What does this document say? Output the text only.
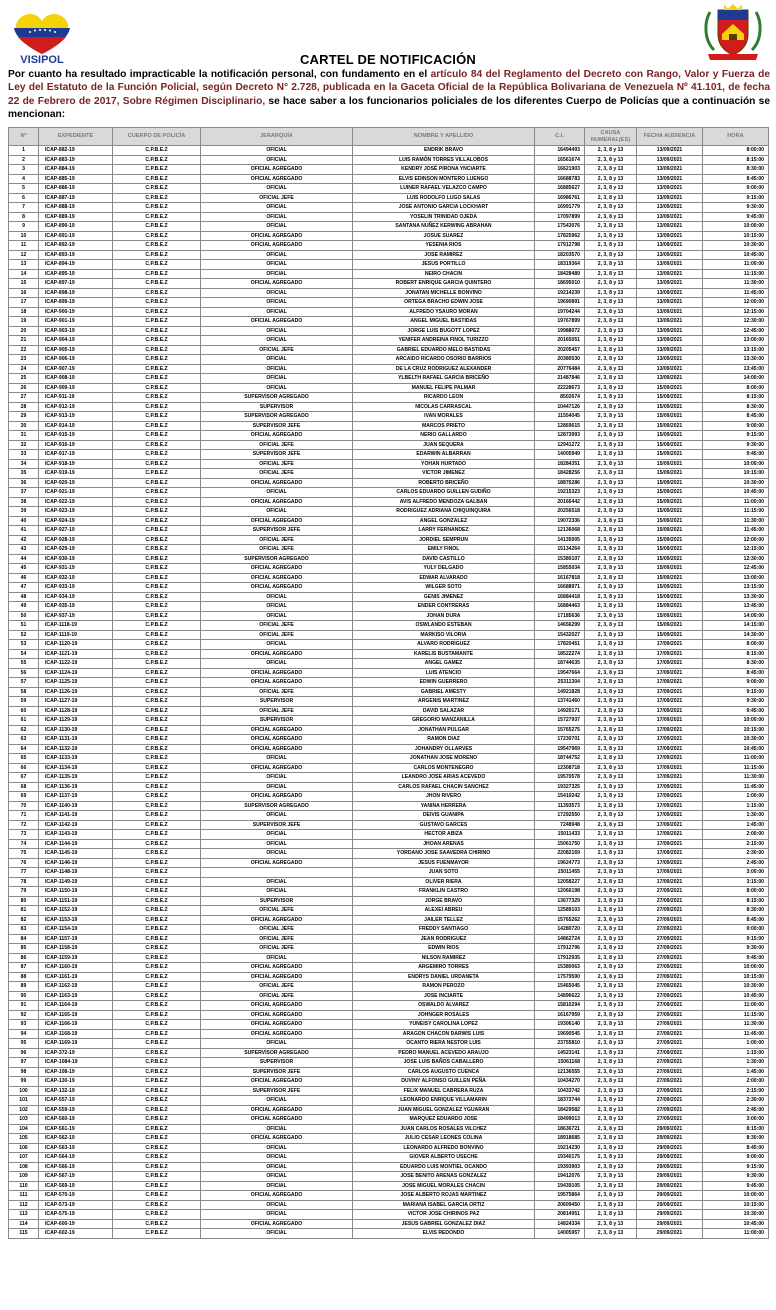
VISIPOL	CARTEL DE NOTIFICACIÓN
Por cuanto ha resultado impracticable la notificación personal, con fundamento en el artículo 84 del Reglamento del Decreto con Rango, Valor y Fuerza de Ley del Estatuto de la Función Policial, según Decreto N° 2.728, publicada en la Gaceta Oficial de la República Bolivariana de Venezuela Nº 41.101, de fecha 22 de Febrero de 2017, Sobre Régimen Disciplinario, se hace saber a los funcionarios policiales de los diferentes Cuerpo de Policías que a continuación se mencionan:
Nº	EXPEDIENTE	CUERPO DE POLICÍA	JERARQUÍA	NOMBRE Y APELLIDO	C.I.	CAUSA NUMERAL(ES)	FECHA AUDIENCIA	HORA
1	ICAP-882-19	C.P.B.E.Z	OFICIAL	ENDRIK BRAVO	16494493	2, 3, 8 y 13	13/09/2021	8:00:00
2	ICAP-883-19	C.P.B.E.Z	OFICIAL	LUIS RAMÓN TORRES VILLALOBOS	16561674	2, 3, 8 y 13	13/09/2021	8:15:00
3	ICAP-884-19	C.P.B.E.Z	OFICIAL AGREGADO	KENDRY JOSÉ PIRONA YNCIARTE	16621903	2, 3, 8 y 13	13/09/2021	8:30:00
4	ICAP-885-19	C.P.B.E.Z	OFICIAL AGREGADO	ELVIS EDINSON MONTERO LUENGO	16688783	2, 3, 8 y 13	13/09/2021	8:45:00
5	ICAP-886-19	C.P.B.E.Z	OFICIAL	LUINER RAFAEL VELAZCO CAMPO	16885627	2, 3, 8 y 13	13/09/2021	9:00:00
6	ICAP-887-19	C.P.B.E.Z	OFICIAL JEFE	LUIS RODOLFO LUGO SALAS	16986761	2, 3, 8 y 13	13/09/2021	9:15:00
7	ICAP-888-19	C.P.B.E.Z	OFICIAL	JOSE ANTONIO GARCIA LOCKHART	16991779	2, 3, 8 y 13	13/09/2021	9:30:00
8	ICAP-889-19	C.P.B.E.Z	OFICIAL	YOSELIN TRINIDAD OJEDA	17097899	2, 3, 8 y 13	13/09/2021	9:45:00
9	ICAP-890-19	C.P.B.E.Z	OFICIAL	SANTANA NUÑEZ KERWING ABRAHAN	17543076	2, 3, 8 y 13	13/09/2021	10:00:00
10	ICAP-891-19	C.P.B.E.Z	OFICIAL AGREGADO	JOSUE SUAREZ	17825962	2, 3, 8 y 13	13/09/2021	10:15:00
11	ICAP-892-19	C.P.B.E.Z	OFICIAL AGREGADO	YESENIA RIOS	17912798	2, 3, 8 y 13	13/09/2021	10:30:00
12	ICAP-893-19	C.P.B.E.Z	OFICIAL	JOSE RAMIREZ	18203570	2, 3, 8 y 13	13/09/2021	10:45:00
13	ICAP-894-19	C.P.B.E.Z	OFICIAL	JESUS PORTILLO	18319364	2, 3, 8 y 13	13/09/2021	11:00:00
14	ICAP-895-19	C.P.B.E.Z	OFICIAL	NEIRO CHACIN	18428489	2, 3, 8 y 13	13/09/2021	11:15:00
15	ICAP-897-19	C.P.B.E.Z	OFICIAL AGREGADO	ROBERT ENRIQUE GARCIA QUINTERO	18695010	2, 3, 8 y 13	13/09/2021	11:30:00
16	ICAP-898-19	C.P.B.E.Z	OFICIAL	JONATAN MICHELLE BONVINO	19214239	2, 3, 8 y 13	13/09/2021	11:45:00
17	ICAP-899-19	C.P.B.E.Z	OFICIAL	ORTEGA BRACHO EDWIN JOSE	19690891	2, 3, 8 y 13	13/09/2021	12:00:00
18	ICAP-900-19	C.P.B.E.Z	OFICIAL	ALFREDO YSAURO MORAN	19704244	2, 3, 8 y 13	13/09/2021	12:15:00
19	ICAP-901-19	C.P.B.E.Z	OFICIAL AGREGADO	ANGEL MIGUEL BASTIDAS	19767899	2, 3, 8 y 13	13/09/2021	12:30:00
20	ICAP-903-19	C.P.B.E.Z	OFICIAL	JORGE LUIS BUGOTT LOPEZ	19988072	2, 3, 8 y 13	13/09/2021	12:45:00
21	ICAP-904-19	C.P.B.E.Z	OFICIAL	YENIFER ANDREINA FINOL TURIZZO	20165051	2, 3, 8 y 13	13/09/2021	13:00:00
22	ICAP-905-19	C.P.B.E.Z	OFICIAL JEFE	GABRIEL EDUARDO MELO BASTIDAS	20205457	2, 3, 8 y 13	13/09/2021	13:15:00
23	ICAP-906-19	C.P.B.E.Z	OFICIAL	ARCAIDO RICARDO OSORIO BARRIOS	20380530	2, 3, 8 y 13	13/09/2021	13:30:00
24	ICAP-907-19	C.P.B.E.Z	OFICIAL	DE LA CRUZ RODRIGUEZ ALEXANDER	20776484	2, 3, 8 y 13	13/09/2021	13:45:00
25	ICAP-908-19	C.P.B.E.Z	OFICIAL	YLBELTH RAFAEL GARCIA BRICEÑO	21487846	2, 3, 8 y 13	13/09/2021	14:00:00
26	ICAP-909-19	C.P.B.E.Z	OFICIAL	MANUEL FELIPE PALMAR	22228673	2, 3, 8 y 13	15/09/2021	8:00:00
27	ICAP-911-19	C.P.B.E.Z	SUPERVISOR AGREGADO	RICARDO LEON	8502674	2, 3, 8 y 13	15/09/2021	8:15:00
28	ICAP-912-19	C.P.B.E.Z	SUPERVISOR	NICOLAS CARRASCAL	10447126	2, 3, 8 y 13	15/09/2021	8:30:00
29	ICAP-913-19	C.P.B.E.Z	SUPERVISOR AGREGADO	IVAN MORALES	11554045	2, 3, 8 y 13	15/09/2021	8:45:00
30	ICAP-914-19	C.P.B.E.Z	SUPERVISOR JEFE	MARCOS PRIETO	12869615	2, 3, 8 y 13	15/09/2021	9:00:00
31	ICAP-915-19	C.P.B.E.Z	OFICIAL AGREGADO	NERIO GALLARDO	12873993	2, 3, 8 y 13	15/09/2021	9:15:00
32	ICAP-916-19	C.P.B.E.Z	OFICIAL JEFE	JUAN SEQUERA	12941272	2, 3, 8 y 13	15/09/2021	9:30:00
33	ICAP-917-19	C.P.B.E.Z	SUPERVISOR JEFE	EDARWIN ALBARRAN	14005949	2, 3, 8 y 13	15/09/2021	9:45:00
34	ICAP-918-19	C.P.B.E.Z	OFICIAL JEFE	YOHAN HURTADO	18284351	2, 3, 8 y 13	15/09/2021	10:00:00
35	ICAP-919-19	C.P.B.E.Z	OFICIAL JEFE	VICTOR JIMENEZ	18428256	2, 3, 8 y 13	15/09/2021	10:15:00
36	ICAP-920-19	C.P.B.E.Z	OFICIAL AGREGADO	ROBERTO BRICEÑO	18876286	2, 3, 8 y 13	15/09/2021	10:30:00
37	ICAP-921-19	C.P.B.E.Z	OFICIAL	CARLOS EDUARDO GUILLEN GUDIÑO	19215323	2, 3, 8 y 13	15/09/2021	10:45:00
38	ICAP-922-19	C.P.B.E.Z	OFICIAL AGREGADO	AVIS ALFREDO MENDOZA GALBAN	20166442	2, 3, 8 y 13	15/09/2021	11:00:00
39	ICAP-923-19	C.P.B.E.Z	OFICIAL	RODRIGUEZ ADRIANA CHIQUINQUIRA	20256518	2, 3, 8 y 13	15/09/2021	11:15:00
40	ICAP-924-19	C.P.B.E.Z	OFICIAL AGREGADO	ANGEL GONZALEZ	19072336	2, 3, 8 y 13	15/09/2021	11:30:00
41	ICAP-927-19	C.P.B.E.Z	SUPERVISOR JEFE	LARRY FERNANDEZ	12136068	2, 3, 8 y 13	15/09/2021	11:45:00
42	ICAP-928-19	C.P.B.E.Z	OFICIAL JEFE	JORDIEL SEMPRUN	14135005	2, 3, 8 y 13	15/09/2021	12:00:00
43	ICAP-929-19	C.P.B.E.Z	OFICIAL JEFE	EMILY FINOL	15134264	2, 3, 8 y 13	15/09/2021	12:15:00
44	ICAP-930-19	C.P.B.E.Z	SUPERVISOR AGREGADO	DAVID CASTILLO	15380107	2, 3, 8 y 13	15/09/2021	12:30:00
45	ICAP-931-19	C.P.B.E.Z	OFICIAL AGREGADO	YULY DELGADO	15855034	2, 3, 8 y 13	15/09/2021	12:45:00
46	ICAP-932-19	C.P.B.E.Z	OFICIAL AGREGADO	EDWAR ALVARADO	16167818	2, 3, 8 y 13	15/09/2021	13:00:00
47	ICAP-933-19	C.P.B.E.Z	OFICIAL AGREGADO	WILGER SOTO	16688971	2, 3, 8 y 13	15/09/2021	13:15:00
48	ICAP-934-19	C.P.B.E.Z	OFICIAL	GENIS JIMENEZ	16884418	2, 3, 8 y 13	15/09/2021	13:30:00
49	ICAP-935-19	C.P.B.E.Z	OFICIAL	ENDER CONTRERAS	16884463	2, 3, 8 y 13	15/09/2021	13:45:00
50	ICAP-937-19	C.P.B.E.Z	OFICIAL	JOHAN DURA	17185636	2, 3, 8 y 13	15/09/2021	14:00:00
51	ICAP-1118-19	C.P.B.E.Z	OFICIAL JEFE	OSWLANDO ESTEBAN	14656299	2, 3, 8 y 13	15/09/2021	14:15:00
52	ICAP-1119-19	C.P.B.E.Z	OFICIAL JEFE	MARKISO VILORIA	15432027	2, 3, 8 y 13	15/09/2021	14:30:00
53	ICAP-1120-19	C.P.B.E.Z	OFICIAL	ALVARO RODRIGUEZ	17820451	2, 3, 8 y 13	17/09/2021	8:00:00
54	ICAP-1121-19	C.P.B.E.Z	OFICIAL AGREGADO	KARELIS BUSTAMANTE	18522274	2, 3, 8 y 13	17/09/2021	8:15:00
55	ICAP-1122-19	C.P.B.E.Z	OFICIAL	ANGEL GAMEZ	18744635	2, 3, 8 y 13	17/09/2021	8:30:00
56	ICAP-1124-19	C.P.B.E.Z	OFICIAL AGREGADO	LUIS ATENCIO	19547664	2, 3, 8 y 13	17/09/2021	8:45:00
57	ICAP-1125-19	C.P.B.E.Z	OFICIAL AGREGADO	EDWIN GUERRERO	25311304	2, 3, 8 y 13	17/09/2021	9:00:00
58	ICAP-1126-19	C.P.B.E.Z	OFICIAL JEFE	GABRIEL AMESTY	14921828	2, 3, 8 y 13	17/09/2021	9:15:00
59	ICAP-1127-19	C.P.B.E.Z	SUPERVISOR	ARGENIS MARTINEZ	13741460	2, 3, 8 y 13	17/09/2021	9:30:00
60	ICAP-1128-19	C.P.B.E.Z	OFICIAL JEFE	DAVID SALAZAR	14920171	2, 3, 8 y 13	17/09/2021	9:45:00
61	ICAP-1129-19	C.P.B.E.Z	SUPERVISOR	GREGORIO MANZANILLA	15727937	2, 3, 8 y 13	17/09/2021	10:00:00
62	ICAP-1130-19	C.P.B.E.Z	OFICIAL AGREGADO	JONATHAN PULGAR	15765275	2, 3, 8 y 13	17/09/2021	10:15:00
63	ICAP-1131-19	C.P.B.E.Z	OFICIAL AGREGADO	RAMON DIAZ	17230701	2, 3, 8 y 13	17/09/2021	10:30:00
64	ICAP-1132-19	C.P.B.E.Z	OFICIAL AGREGADO	JOHANDRY OLLARVES	19547969	2, 3, 8 y 13	17/09/2021	10:45:00
65	ICAP-1133-19	C.P.B.E.Z	OFICIAL	JONATHAN JOSE MORENO	18744752	2, 3, 8 y 13	17/09/2021	11:00:00
66	ICAP-1134-19	C.P.B.E.Z	OFICIAL AGREGADO	CARLOS MONTENEGRO	12308718	2, 3, 8 y 13	17/09/2021	11:15:00
67	ICAP-1135-19	C.P.B.E.Z	OFICIAL	LEANDRO JOSE ARIAS ACEVEDO	19570578	2, 3, 8 y 13	17/09/2021	11:30:00
68	ICAP-1136-19	C.P.B.E.Z	OFICIAL	CARLOS RAFAEL CHACIN SANCHEZ	19327325	2, 3, 8 y 13	17/09/2021	11:45:00
69	ICAP-1137-19	C.P.B.E.Z	OFICIAL AGREGADO	JHON RIVERO	15410242	2, 3, 8 y 13	17/09/2021	1:00:00
70	ICAP-1140-19	C.P.B.E.Z	SUPERVISOR AGREGADO	YANINA HERRERA	11393573	2, 3, 8 y 13	17/09/2021	1:15:00
71	ICAP-1141-19	C.P.B.E.Z	OFICIAL	DEIVIS GUANIPA	17292550	2, 3, 8 y 13	17/09/2021	1:30:00
72	ICAP-1142-19	C.P.B.E.Z	SUPERVISOR JEFE	GUSTAVO GARCES	7248948	2, 3, 8 y 13	17/09/2021	1:45:00
73	ICAP-1143-19	C.P.B.E.Z	OFICIAL	HECTOR ABIZA	15011433	2, 3, 8 y 13	17/09/2021	2:00:00
74	ICAP-1144-19	C.P.B.E.Z	OFICIAL	JHOAN ARENAS	15061750	2, 3, 8 y 13	17/09/2021	2:15:00
75	ICAP-1145-19	C.P.B.E.Z	OFICIAL	YORDANO JOSE SAAVEDRA CHIRINO	22082169	2, 3, 8 y 13	17/09/2021	2:30:00
76	ICAP-1146-19	C.P.B.E.Z	OFICIAL AGREGADO	JESUS FUENMAYOR	19624773	2, 3, 8 y 13	17/09/2021	2:45:00
77	ICAP-1148-19	C.P.B.E.Z		JUAN SOTO	15011455	2, 3, 8 y 13	17/09/2021	3:00:00
78	ICAP-1149-19	C.P.B.E.Z	OFICIAL	OLIVER RIERA	12058227	2, 3, 8 y 13	17/09/2021	3:15:00
79	ICAP-1150-19	C.P.B.E.Z	OFICIAL	FRANKLIN CASTRO	12066198	2, 3, 8 y 13	27/09/2021	8:00:00
80	ICAP-1151-19	C.P.B.E.Z	SUPERVISOR	JORGE BRAVO	13677329	2, 3, 8 y 13	27/09/2021	8:15:00
81	ICAP-1152-19	C.P.B.E.Z	OFICIAL JEFE	ALEXEI ABREU	12589103	2, 3, 8 y 13	27/09/2021	8:30:00
82	ICAP-1153-19	C.P.B.E.Z	OFICIAL AGREGADO	JAILER TELLEZ	15765262	2, 3, 8 y 13	27/09/2021	8:45:00
83	ICAP-1154-19	C.P.B.E.Z	OFICIAL JEFE	FREDDY SANTIAGO	14280720	2, 3, 8 y 13	27/09/2021	9:00:00
84	ICAP-1157-19	C.P.B.E.Z	OFICIAL JEFE	JEAN RODRIGUEZ	14862724	2, 3, 8 y 13	27/09/2021	9:15:00
85	ICAP-1158-19	C.P.B.E.Z	OFICIAL JEFE	EDWIN RIOS	17912796	2, 3, 8 y 13	27/09/2021	9:30:00
86	ICAP-1159-19	C.P.B.E.Z	OFICIAL	NILSON RAMIREZ	17912935	2, 3, 8 y 13	27/09/2021	9:45:00
87	ICAP-1160-19	C.P.B.E.Z	OFICIAL AGREGADO	ARGEMIRO TORRES	15380063	2, 3, 8 y 13	27/09/2021	10:00:00
88	ICAP-1161-19	C.P.B.E.Z	OFICIAL AGREGADO	ENDRYS DANIEL URDANETA	17579590	2, 3, 8 y 13	27/09/2021	10:15:00
89	ICAP-1162-19	C.P.B.E.Z	OFICIAL JEFE	RAMON PEROZO	15465045	2, 3, 8 y 13	27/09/2021	10:30:00
90	ICAP-1163-19	C.P.B.E.Z	OFICIAL JEFE	JOSE INCIARTE	14896622	2, 3, 8 y 13	27/09/2021	10:45:00
91	ICAP-1164-19	C.P.B.E.Z	OFICIAL AGREGADO	OSWALDO ALVAREZ	15810294	2, 3, 8 y 13	27/09/2021	11:00:00
92	ICAP-1165-19	C.P.B.E.Z	OFICIAL AGREGADO	JOHNGER ROSALES	16167959	2, 3, 8 y 13	27/09/2021	11:15:00
93	ICAP-1166-19	C.P.B.E.Z	OFICIAL AGREGADO	YUNEISY CAROLINA LOPEZ	19306140	2, 3, 8 y 13	27/09/2021	11:30:00
94	ICAP-1168-19	C.P.B.E.Z	OFICIAL AGREGADO	ARAGON CHACON DARWIS LUIS	19690545	2, 3, 8 y 13	27/09/2021	11:45:00
95	ICAP-1169-19	C.P.B.E.Z	OFICIAL	OCANTO RIERA NESTOR LUIS	23755810	2, 3, 8 y 13	27/09/2021	1:00:00
96	ICAP-372-19	C.P.B.E.Z	SUPERVISOR AGREGADO	PEDRO MANUEL ACEVEDO ARAUJO	14523141	2, 3, 8 y 13	27/09/2021	1:15:00
97	ICAP-1084-19	C.P.B.E.Z	SUPERVISOR	JOSE LUIS BAÑOS CABALLERO	15061168	2, 3, 8 y 13	27/09/2021	1:30:00
98	ICAP-108-19	C.P.B.E.Z	SUPERVISOR JEFE	CARLOS AUGUSTO CUENCA	12136555	2, 3, 8 y 13	27/09/2021	1:45:00
99	ICAP-130-19	C.P.B.E.Z	OFICIAL AGREGADO	DUVINY ALFONSO GUILLEN PEÑA	10434270	2, 3, 8 y 13	27/09/2021	2:00:00
100	ICAP-132-19	C.P.B.E.Z	SUPERVISOR JEFE	FELIX MANUEL CABRERA RUZA	10433742	2, 3, 8 y 13	27/09/2021	2:15:00
101	ICAP-557-19	C.P.B.E.Z	OFICIAL	LEONARDO ENRIQUE VILLAMARIN	18373744	2, 3, 8 y 13	27/09/2021	2:30:00
102	ICAP-559-19	C.P.B.E.Z	OFICIAL AGREGADO	JUAN MIGUEL GONZALEZ YGUARAN	18429582	2, 3, 8 y 13	27/09/2021	2:45:00
103	ICAP-560-19	C.P.B.E.Z	OFICIAL AGREGADO	MARQUEZ EDUARDO JOSE	18499013	2, 3, 8 y 13	27/09/2021	3:00:00
104	ICAP-561-19	C.P.B.E.Z	OFICIAL	JUAN CARLOS ROSALES VILCHEZ	18636721	2, 3, 8 y 13	29/09/2021	8:15:00
105	ICAP-562-19	C.P.B.E.Z	OFICIAL AGREGADO	JULIO CESAR LEONES COLINA	18918685	2, 3, 8 y 13	29/09/2021	8:30:00
106	ICAP-563-19	C.P.B.E.Z	OFICIAL	LEONARDO ALFREDO BONVINO	19214230	2, 3, 8 y 13	29/09/2021	8:45:00
107	ICAP-564-19	C.P.B.E.Z	OFICIAL	GIOVER ALBERTO USECHE	19340175	2, 3, 8 y 13	29/09/2021	9:00:00
108	ICAP-566-19	C.P.B.E.Z	OFICIAL	EDUARDO LUIS MONTIEL OCANDO	19393903	2, 3, 8 y 13	29/09/2021	9:15:00
109	ICAP-567-19	C.P.B.E.Z	OFICIAL	JOSE BENITO ARENAS GONZALEZ	19412076	2, 3, 8 y 13	29/09/2021	9:30:00
110	ICAP-569-19	C.P.B.E.Z	OFICIAL	JOSE MIGUEL MORALES CHACIN	19439105	2, 3, 8 y 13	29/09/2021	9:45:00
111	ICAP-570-19	C.P.B.E.Z	OFICIAL AGREGADO	JOSE ALBERTO ROJAS MARTINEZ	19575864	2, 3, 8 y 13	29/09/2021	10:00:00
112	ICAP-573-19	C.P.B.E.Z	OFICIAL	MARIANA ISABEL GARCIA ORTIZ	20609450	2, 3, 8 y 13	29/09/2021	10:15:00
113	ICAP-575-19	C.P.B.E.Z	OFICIAL	VICTOR JOSE CHIRINOS PAZ	20814951	2, 3, 8 y 13	29/09/2021	10:30:00
114	ICAP-600-19	C.P.B.E.Z	OFICIAL AGREGADO	JESUS GABRIEL GONZALEZ DIAZ	14824334	2, 3, 8 y 13	29/09/2021	10:45:00
115	ICAP-602-19	C.P.B.E.Z	OFICIAL	ELVIS REDONDO	14005957	2, 3, 8 y 13	29/09/2021	11:00:00
